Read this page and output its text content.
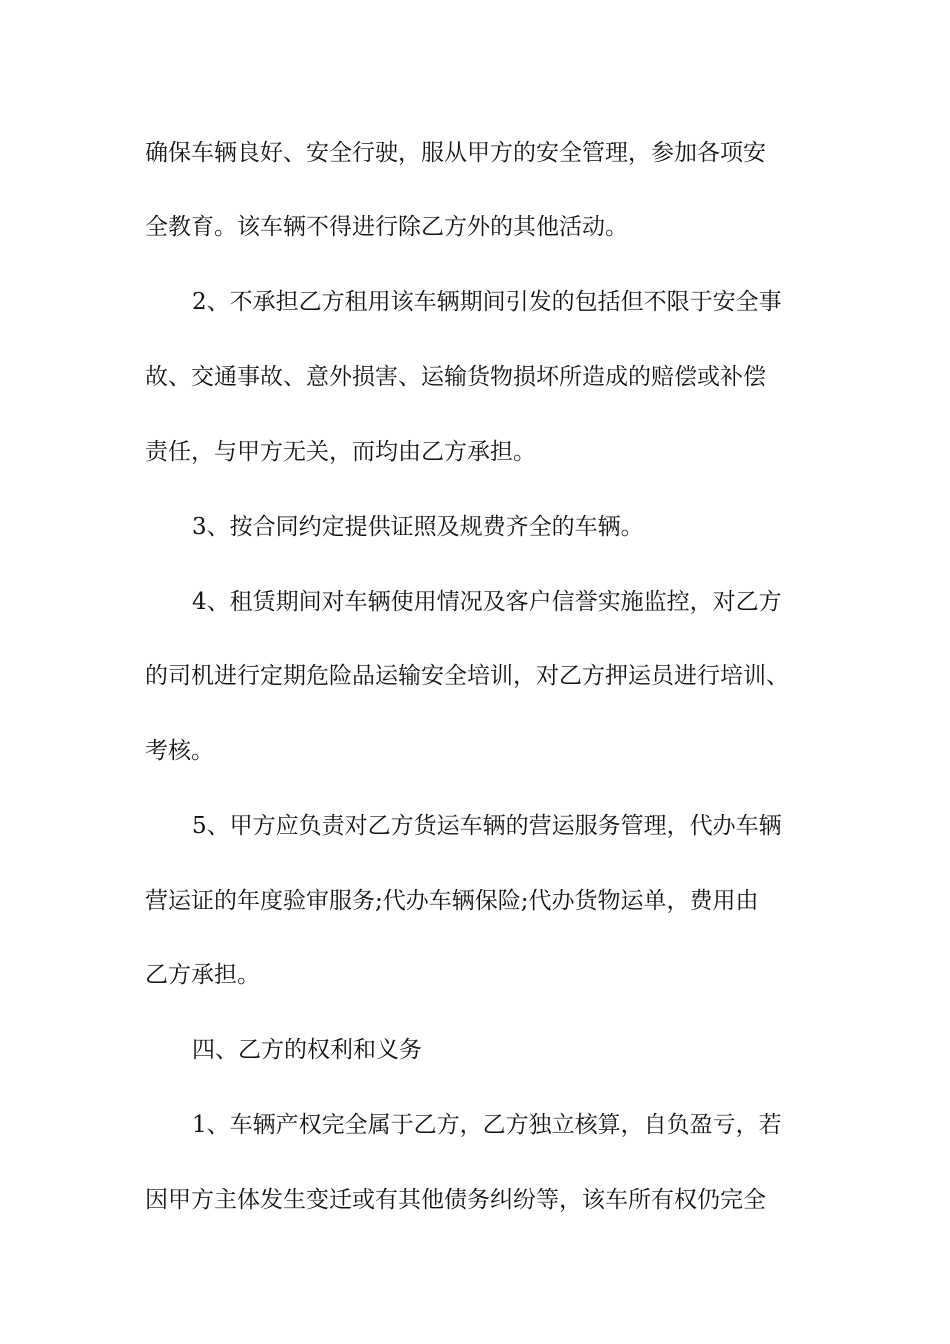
确保车辆良好、安全行驶，服从甲方的安全管理，参加各项安
全教育。该车辆不得进行除乙方外的其他活动。
2、不承担乙方租用该车辆期间引发的包括但不限于安全事
故、交通事故、意外损害、运输货物损坏所造成的赔偿或补偿
责任，与甲方无关，而均由乙方承担。
3、按合同约定提供证照及规费齐全的车辆。
4、租赁期间对车辆使用情况及客户信誉实施监控，对乙方
的司机进行定期危险品运输安全培训，对乙方押运员进行培训、
考核。
5、甲方应负责对乙方货运车辆的营运服务管理，代办车辆
营运证的年度验审服务;代办车辆保险;代办货物运单，费用由
乙方承担。
四、乙方的权利和义务
1、车辆产权完全属于乙方，乙方独立核算，自负盈亏，若
因甲方主体发生变迁或有其他债务纠纷等，该车所有权仍完全
